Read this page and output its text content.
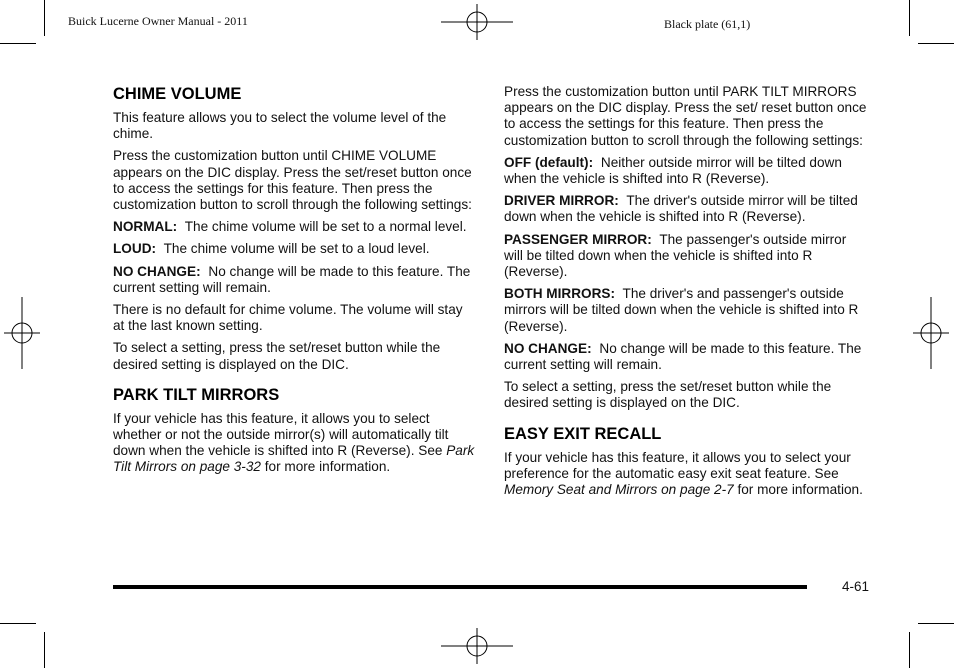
Buick Lucerne Owner Manual - 2011	Black plate (61,1)
CHIME VOLUME

This feature allows you to select the volume level of the chime.

Press the customization button until CHIME VOLUME appears on the DIC display. Press the set/reset button once to access the settings for this feature. Then press the customization button to scroll through the following settings:

NORMAL: The chime volume will be set to a normal level.

LOUD: The chime volume will be set to a loud level.

NO CHANGE: No change will be made to this feature. The current setting will remain.

There is no default for chime volume. The volume will stay at the last known setting.

To select a setting, press the set/reset button while the desired setting is displayed on the DIC.

PARK TILT MIRRORS

If your vehicle has this feature, it allows you to select whether or not the outside mirror(s) will automatically tilt down when the vehicle is shifted into R (Reverse). See Park Tilt Mirrors on page 3-32 for more information.

Press the customization button until PARK TILT MIRRORS appears on the DIC display. Press the set/ reset button once to access the settings for this feature. Then press the customization button to scroll through the following settings:

OFF (default): Neither outside mirror will be tilted down when the vehicle is shifted into R (Reverse).

DRIVER MIRROR: The driver's outside mirror will be tilted down when the vehicle is shifted into R (Reverse).

PASSENGER MIRROR: The passenger's outside mirror will be tilted down when the vehicle is shifted into R (Reverse).

BOTH MIRRORS: The driver's and passenger's outside mirrors will be tilted down when the vehicle is shifted into R (Reverse).

NO CHANGE: No change will be made to this feature. The current setting will remain.

To select a setting, press the set/reset button while the desired setting is displayed on the DIC.

EASY EXIT RECALL

If your vehicle has this feature, it allows you to select your preference for the automatic easy exit seat feature. See Memory Seat and Mirrors on page 2-7 for more information.

4-61
